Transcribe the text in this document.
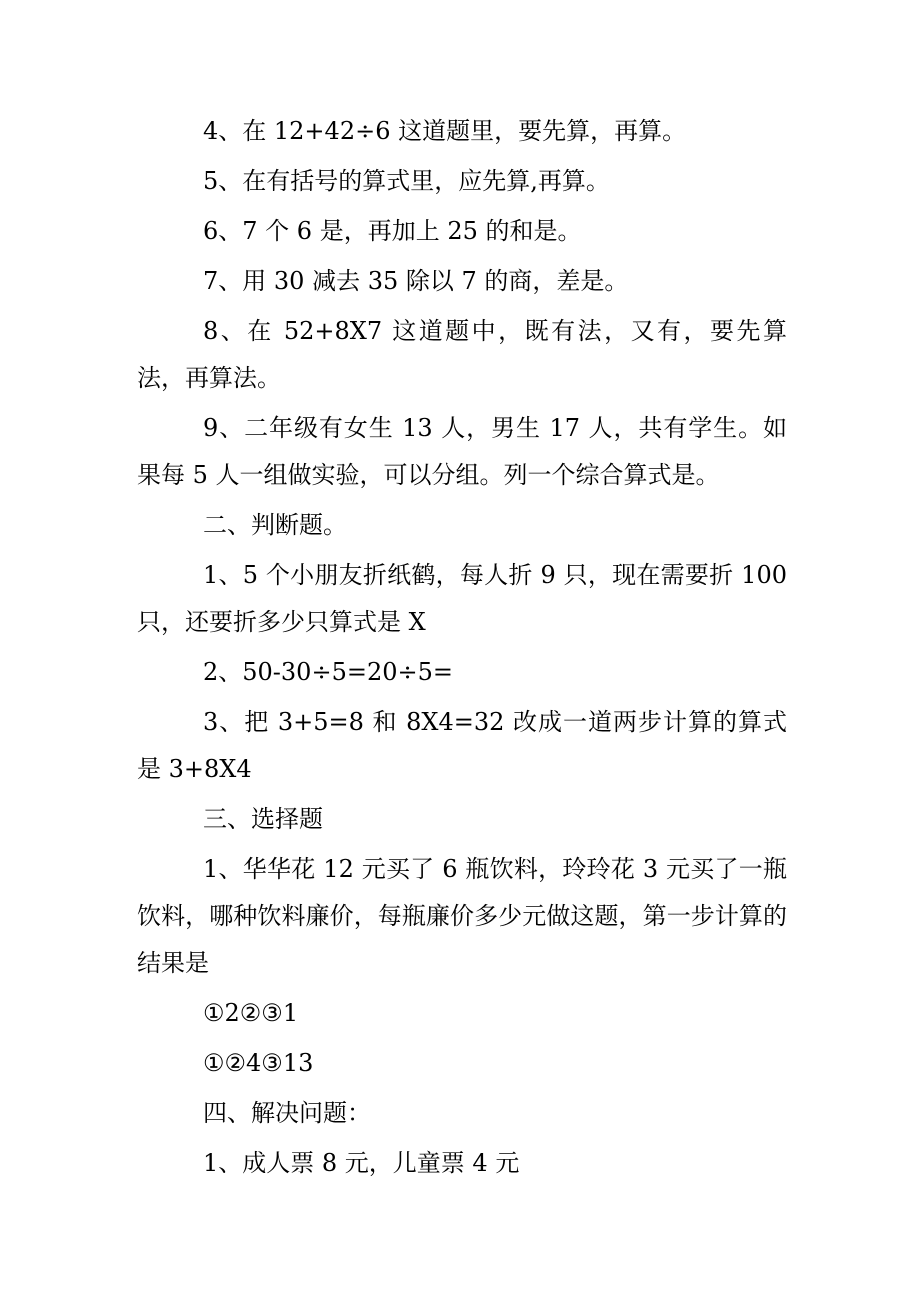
4、在 12+42÷6 这道题里，要先算，再算。

5、在有括号的算式里，应先算,再算。

6、7 个 6 是，再加上 25 的和是。

7、用 30 减去 35 除以 7 的商，差是。

8、在 52+8X7 这道题中，既有法，又有，要先算法，再算法。

9、二年级有女生 13 人，男生 17 人，共有学生。如果每 5 人一组做实验，可以分组。列一个综合算式是。

二、判断题。

1、5 个小朋友折纸鹤，每人折 9 只，现在需要折 100 只，还要折多少只算式是 X

2、50-30÷5=20÷5=

3、把 3+5=8 和 8X4=32 改成一道两步计算的算式是 3+8X4

三、选择题

1、华华花 12 元买了 6 瓶饮料，玲玲花 3 元买了一瓶饮料，哪种饮料廉价，每瓶廉价多少元做这题，第一步计算的结果是

①2②③1

①②4③13

四、解决问题：

1、成人票 8 元，儿童票 4 元
